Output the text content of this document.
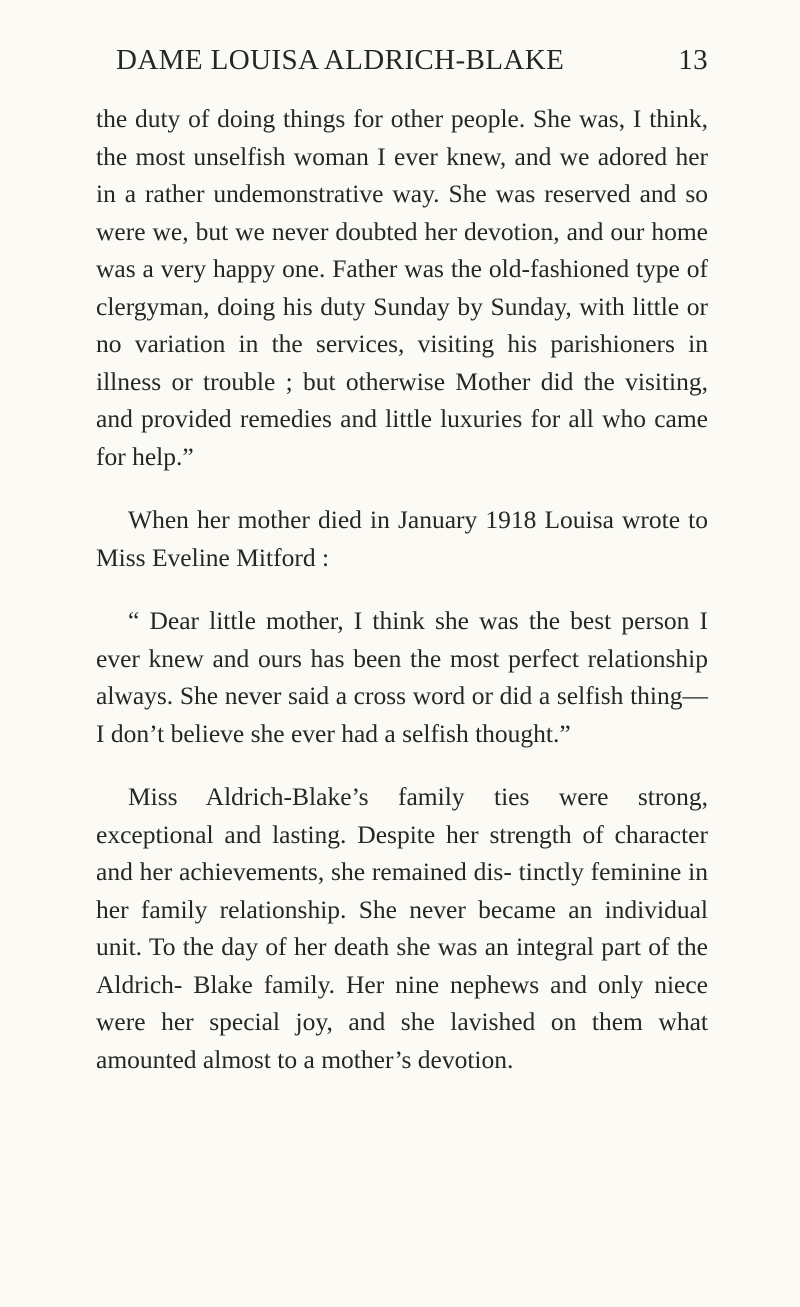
DAME LOUISA ALDRICH-BLAKE	13

the duty of doing things for other people. She was, I think, the most unselfish woman I ever knew, and we adored her in a rather undemonstrative way. She was reserved and so were we, but we never doubted her devotion, and our home was a very happy one. Father was the old-fashioned type of clergyman, doing his duty Sunday by Sunday, with little or no variation in the services, visiting his parishioners in illness or trouble ; but otherwise Mother did the visiting, and provided remedies and little luxuries for all who came for help.”

When her mother died in January 1918 Louisa wrote to Miss Eveline Mitford :

“ Dear little mother, I think she was the best person I ever knew and ours has been the most perfect relationship always. She never said a cross word or did a selfish thing—I don’t believe she ever had a selfish thought.”

Miss Aldrich-Blake’s family ties were strong, exceptional and lasting. Despite her strength of character and her achievements, she remained dis- tinctly feminine in her family relationship. She never became an individual unit. To the day of her death she was an integral part of the Aldrich- Blake family. Her nine nephews and only niece were her special joy, and she lavished on them what amounted almost to a mother’s devotion.
